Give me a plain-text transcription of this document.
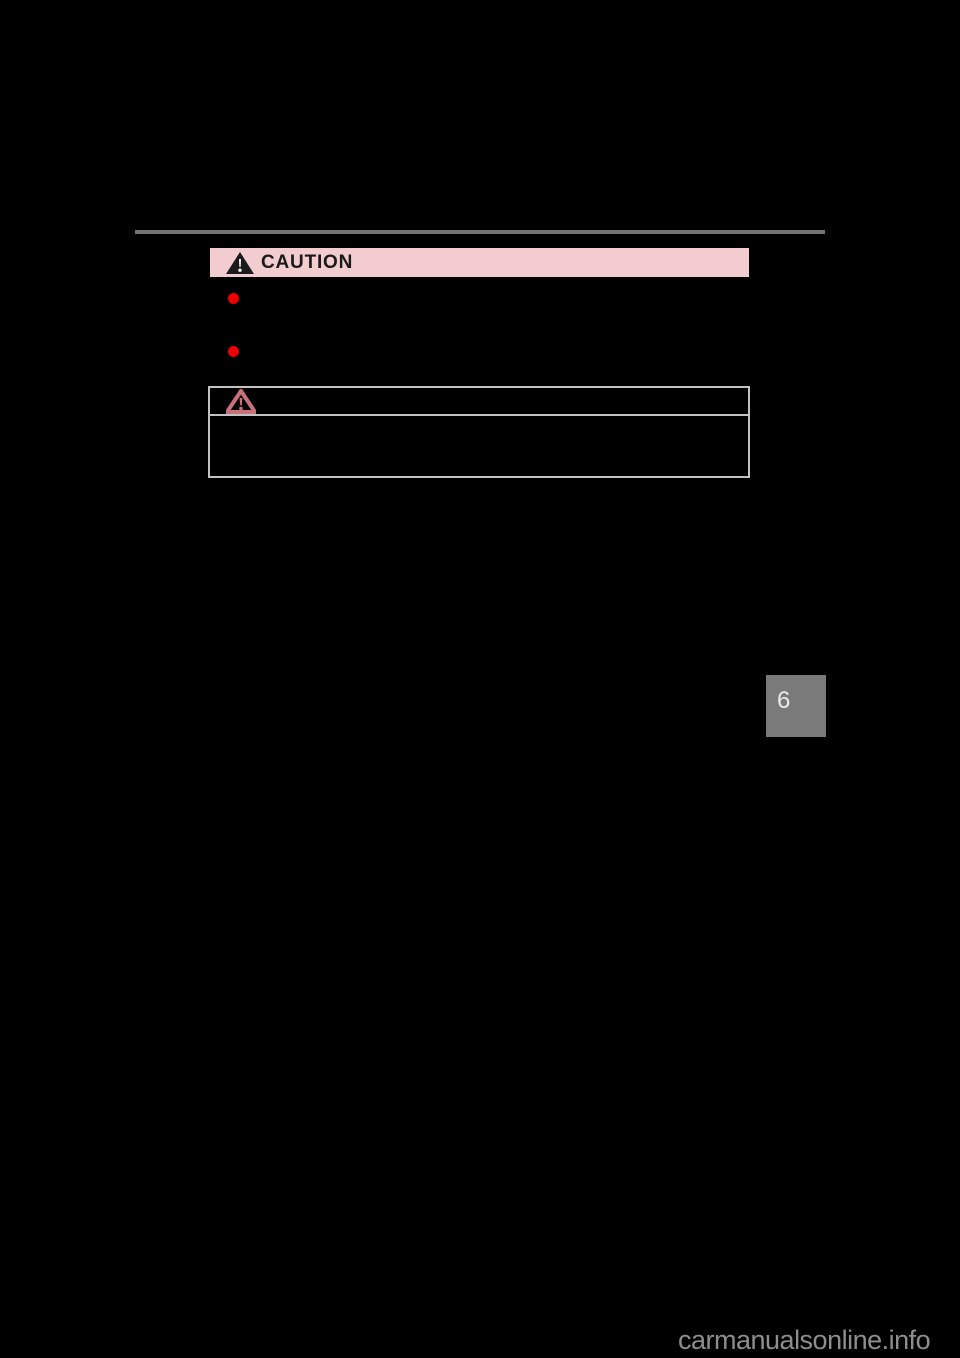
CAUTION
6
carmanualsonline.info
